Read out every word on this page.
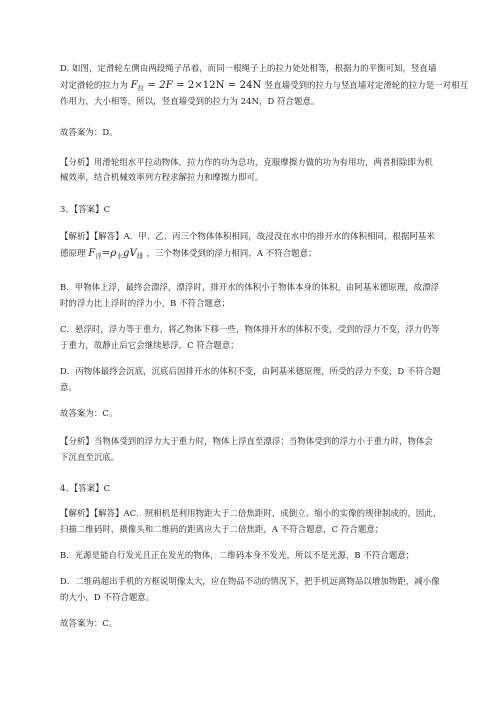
D. 如图，定滑轮左侧由两段绳子吊着，而同一根绳子上的拉力处处相等，根据力的平衡可知，竖直墙
对定滑轮的拉力为 $F_拉 = 2F = 2\times 12N = 24N$ 竖直墙受到的拉力与竖直墙对定滑轮的拉力是一对相互
作用力，大小相等，所以，竖直墙受到的拉力为 24N，D 符合题意。
故答案为：D。
【分析】用滑轮组水平拉动物体，拉力作的功为总功，克服摩擦力做的功为有用功，两者相除即为机
械效率，结合机械效率列方程求解拉力和摩擦力即可。
3、【答案】C
【解析】【解答】A．甲、乙、丙三个物体体积相同，故浸没在水中的排开水的体积相同，根据阿基米
德原理 $F_浮=\rho_水gV_排$ ，三个物体受到的浮力相同，A 不符合题意；
B．甲物体上浮，最终会漂浮，漂浮时，排开水的体积小于物体本身的体积，由阿基米德原理，故漂浮
时的浮力比上浮时的浮力小，B 不符合题意；
C．悬浮时，浮力等于重力，将乙物体下移一些，物体排开水的体积不变，受到的浮力不变，浮力仍等
于重力，故静止后它会继续悬浮，C 符合题意；
D．丙物体最终会沉底，沉底后因排开水的体积不变，由阿基米德原理，所受的浮力不变，D 不符合题
意。
故答案为：C。
【分析】当物体受到的浮力大于重力时，物体上浮直至漂浮；当物体受到的浮力小于重力时，物体会
下沉直至沉底。
4、【答案】C
【解析】【解答】AC．照相机是利用物距大于二倍焦距时，成倒立、缩小的实像的规律制成的，因此，
扫描二维码时，摄像头和二维码的距离应大于二倍焦距，A 不符合题意，C 符合题意；
B．光源是能自行发光且正在发光的物体，二维码本身不发光，所以不是光源，B 不符合题意；
D．二维码超出手机的方框说明像太大，应在物品不动的情况下，把手机远离物品以增加物距，减小像
的大小，D 不符合题意。
故答案为：C。
